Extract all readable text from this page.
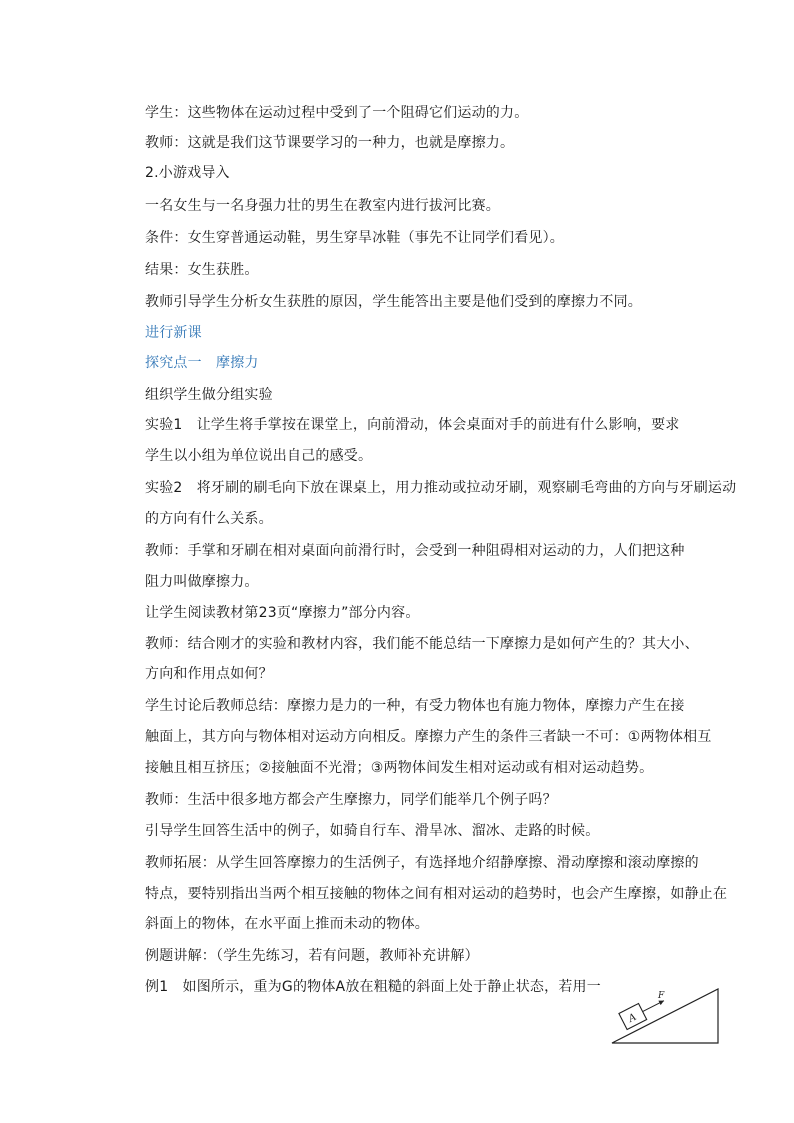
学生：这些物体在运动过程中受到了一个阻碍它们运动的力。
教师：这就是我们这节课要学习的一种力，也就是摩擦力。
2.小游戏导入
一名女生与一名身强力壮的男生在教室内进行拔河比赛。
条件：女生穿普通运动鞋，男生穿旱冰鞋（事先不让同学们看见）。
结果：女生获胜。
教师引导学生分析女生获胜的原因，学生能答出主要是他们受到的摩擦力不同。
进行新课
探究点一　摩擦力
组织学生做分组实验
实验1　让学生将手掌按在课堂上，向前滑动，体会桌面对手的前进有什么影响，要求
学生以小组为单位说出自己的感受。
实验2　将牙刷的刷毛向下放在课桌上，用力推动或拉动牙刷，观察刷毛弯曲的方向与牙刷运动
的方向有什么关系。
教师：手掌和牙刷在相对桌面向前滑行时，会受到一种阻碍相对运动的力，人们把这种
阻力叫做摩擦力。
让学生阅读教材第23页“摩擦力”部分内容。
教师：结合刚才的实验和教材内容，我们能不能总结一下摩擦力是如何产生的？其大小、
方向和作用点如何？
学生讨论后教师总结：摩擦力是力的一种，有受力物体也有施力物体，摩擦力产生在接
触面上，其方向与物体相对运动方向相反。摩擦力产生的条件三者缺一不可：①两物体相互
接触且相互挤压；②接触面不光滑；③两物体间发生相对运动或有相对运动趋势。
教师：生活中很多地方都会产生摩擦力，同学们能举几个例子吗？
引导学生回答生活中的例子，如骑自行车、滑旱冰、溜冰、走路的时候。
教师拓展：从学生回答摩擦力的生活例子，有选择地介绍静摩擦、滑动摩擦和滚动摩擦的
特点，要特别指出当两个相互接触的物体之间有相对运动的趋势时，也会产生摩擦，如静止在
斜面上的物体，在水平面上推而未动的物体。
例题讲解：（学生先练习，若有问题，教师补充讲解）
例1　如图所示，重为G的物体A放在粗糙的斜面上处于静止状态，若用一
A
F
